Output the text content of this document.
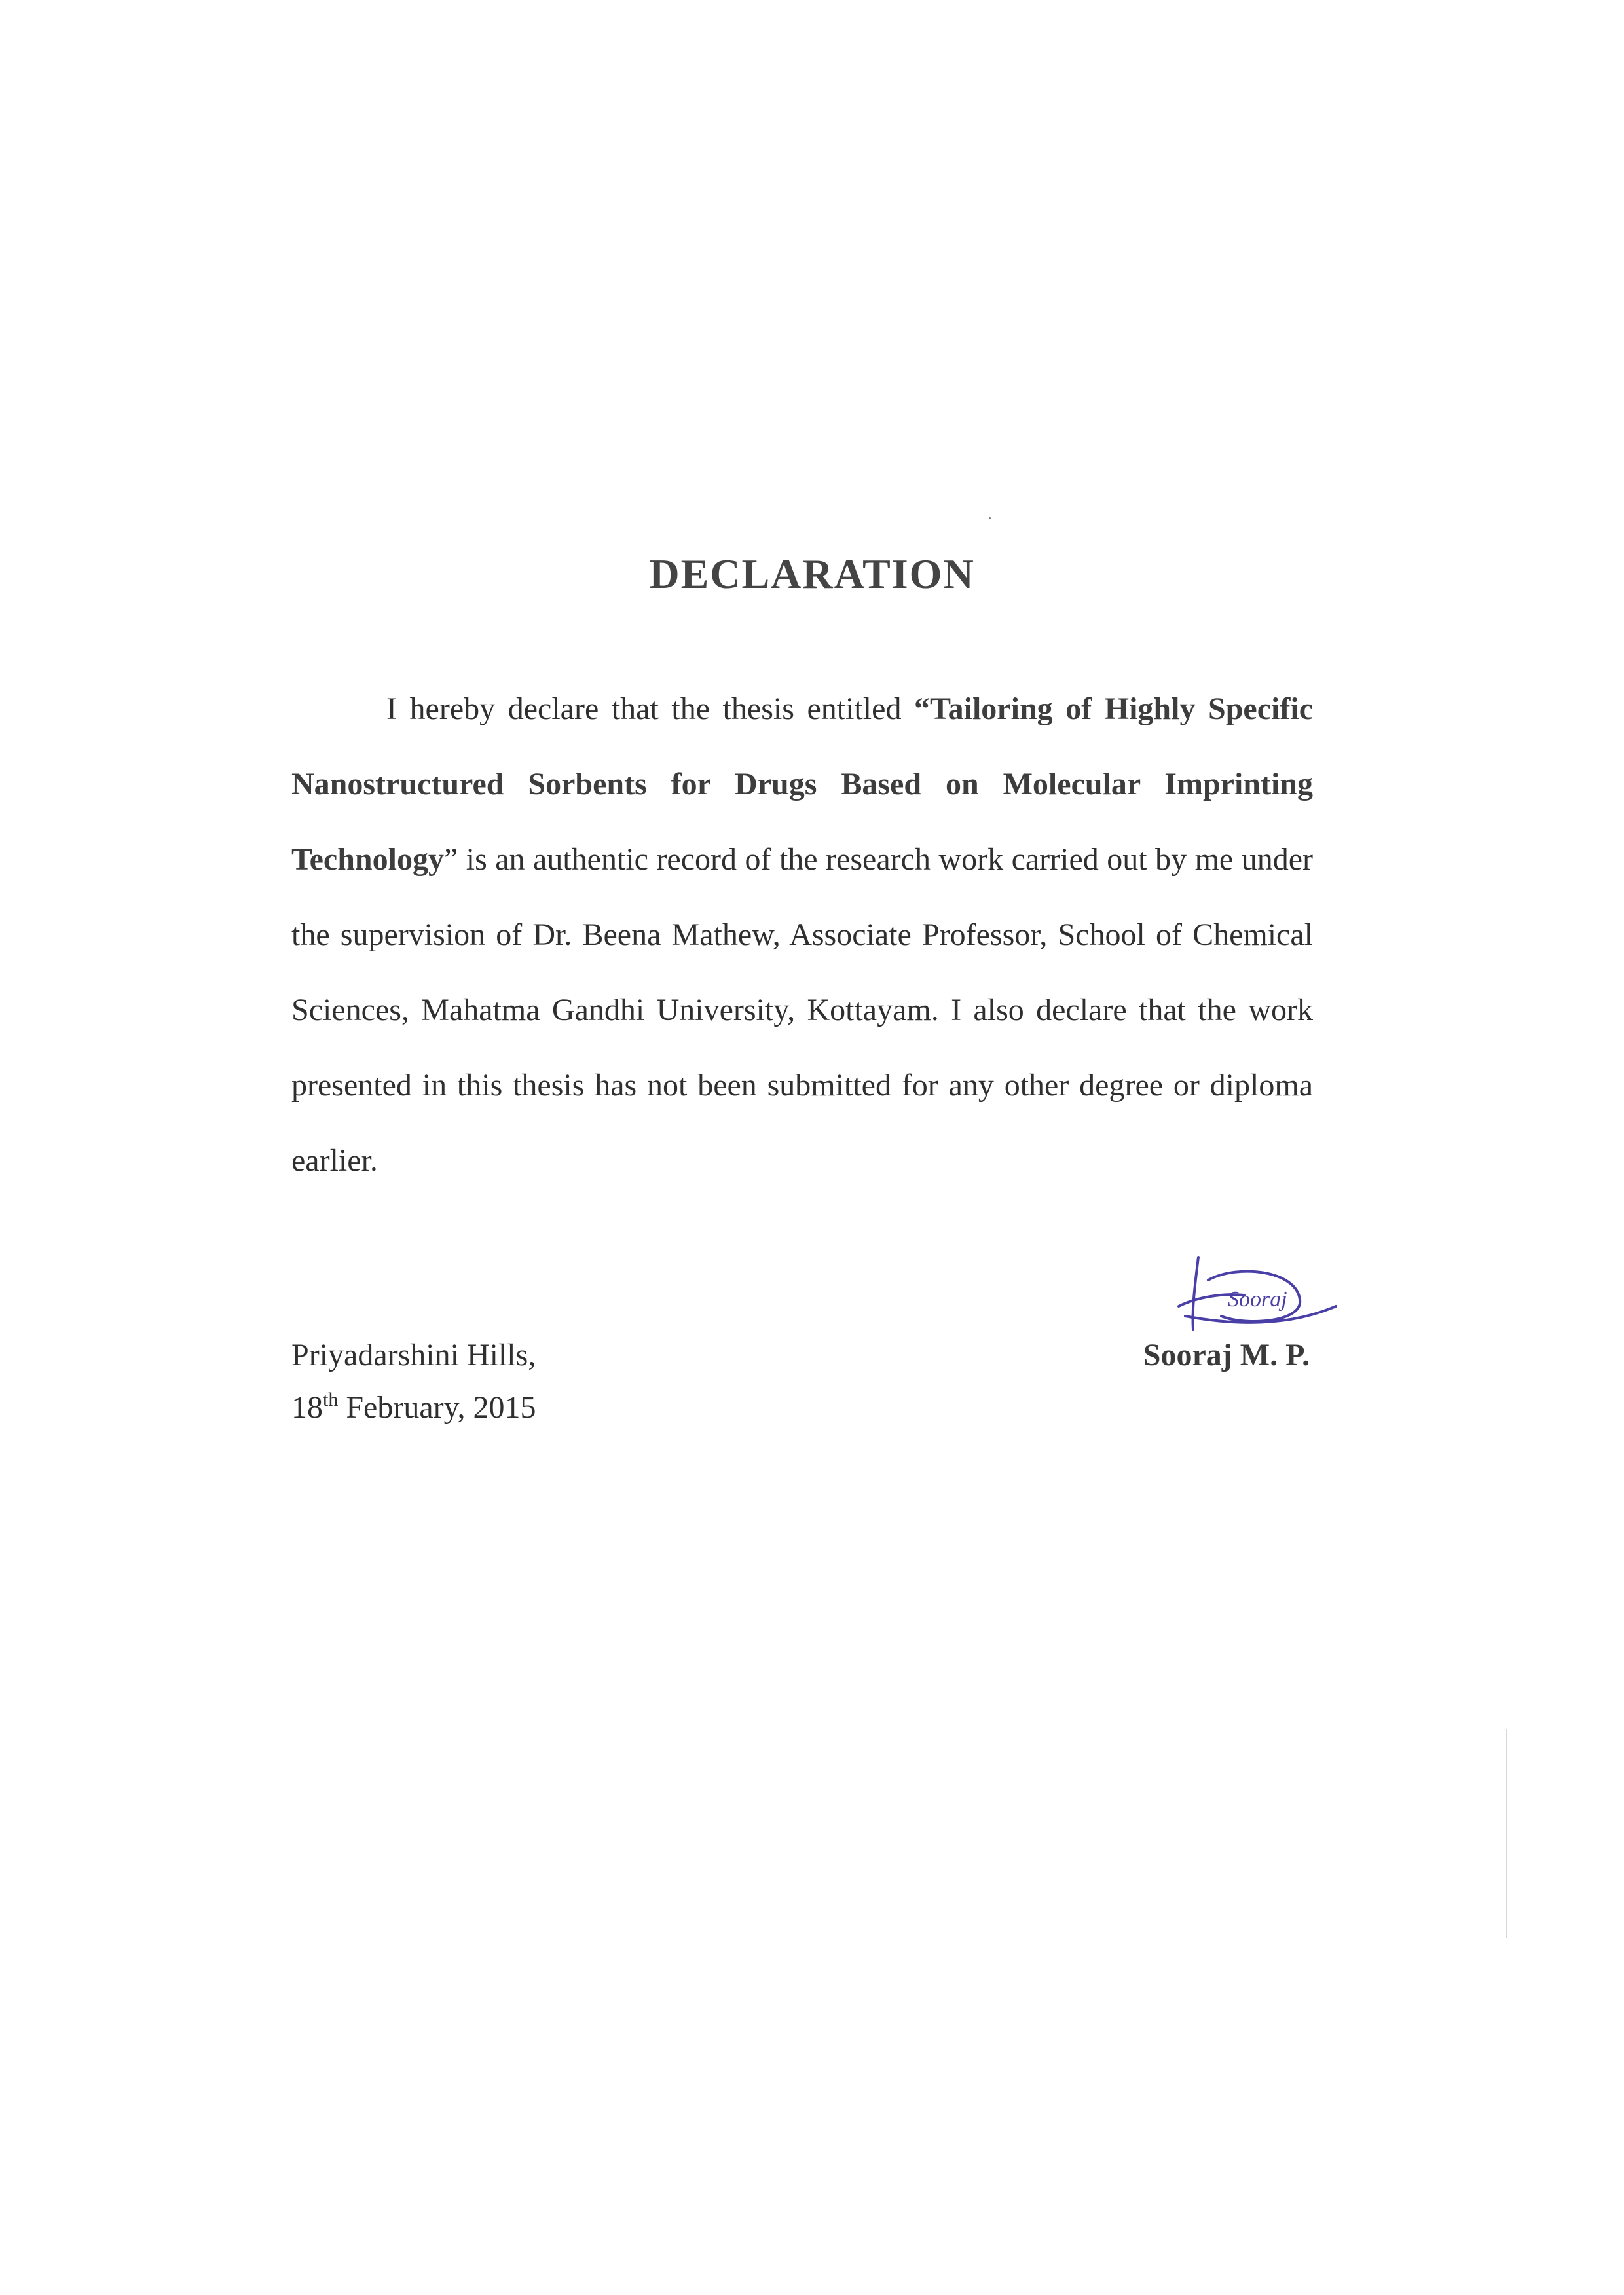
DECLARATION
I hereby declare that the thesis entitled “Tailoring of Highly Specific Nanostructured Sorbents for Drugs Based on Molecular Imprinting Technology” is an authentic record of the research work carried out by me under the supervision of Dr. Beena Mathew, Associate Professor, School of Chemical Sciences, Mahatma Gandhi University, Kottayam. I also declare that the work presented in this thesis has not been submitted for any other degree or diploma earlier.
Priyadarshini Hills,
18th February, 2015
Sooraj
Sooraj M. P.
